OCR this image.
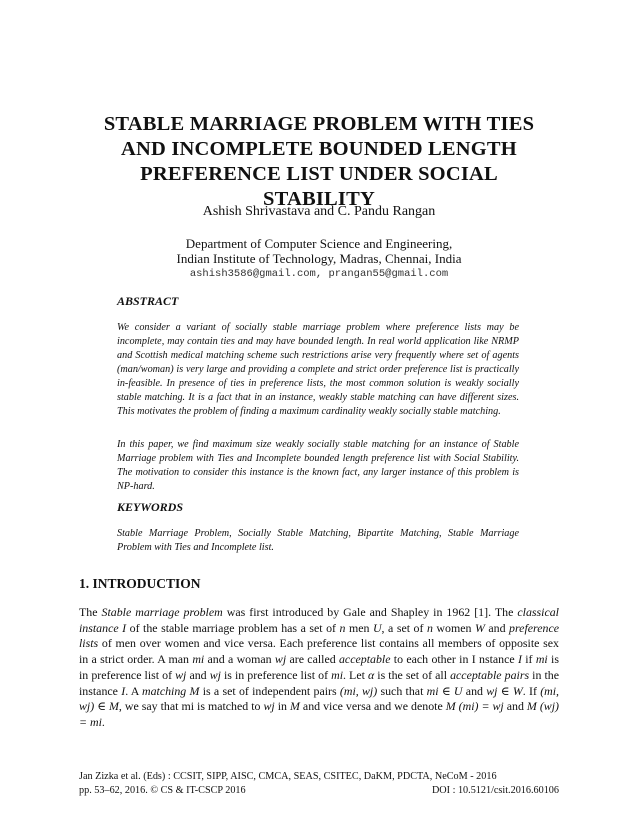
STABLE MARRIAGE PROBLEM WITH TIES
AND INCOMPLETE BOUNDED LENGTH
PREFERENCE LIST UNDER SOCIAL
STABILITY
Ashish Shrivastava and C. Pandu Rangan
Department of Computer Science and Engineering,
Indian Institute of Technology, Madras, Chennai, India
ashish3586@gmail.com, prangan55@gmail.com
ABSTRACT
We consider a variant of socially stable marriage problem where preference lists may be incomplete, may contain ties and may have bounded length. In real world application like NRMP and Scottish medical matching scheme such restrictions arise very frequently where set of agents (man/woman) is very large and providing a complete and strict order preference list is practically in-feasible. In presence of ties in preference lists, the most common solution is weakly socially stable matching. It is a fact that in an instance, weakly stable matching can have different sizes. This motivates the problem of finding a maximum cardinality weakly socially stable matching.
In this paper, we find maximum size weakly socially stable matching for an instance of Stable Marriage problem with Ties and Incomplete bounded length preference list with Social Stability. The motivation to consider this instance is the known fact, any larger instance of this problem is NP-hard.
KEYWORDS
Stable Marriage Problem, Socially Stable Matching, Bipartite Matching, Stable Marriage Problem with Ties and Incomplete list.
1. INTRODUCTION
The Stable marriage problem was first introduced by Gale and Shapley in 1962 [1]. The classical instance I of the stable marriage problem has a set of n men U, a set of n women W and preference lists of men over women and vice versa. Each preference list contains all members of opposite sex in a strict order. A man mi and a woman wj are called acceptable to each other in I nstance I if mi is in preference list of wj and wj is in preference list of mi. Let α is the set of all acceptable pairs in the instance I. A matching M is a set of independent pairs (mi, wj) such that mi ∈ U and wj ∈ W. If (mi, wj) ∈ M, we say that mi is matched to wj in M and vice versa and we denote M (mi) = wj and M (wj) = mi.
Jan Zizka et al. (Eds) : CCSIT, SIPP, AISC, CMCA, SEAS, CSITEC, DaKM, PDCTA, NeCoM - 2016
pp. 53–62, 2016. © CS & IT-CSCP 2016	DOI : 10.5121/csit.2016.60106
